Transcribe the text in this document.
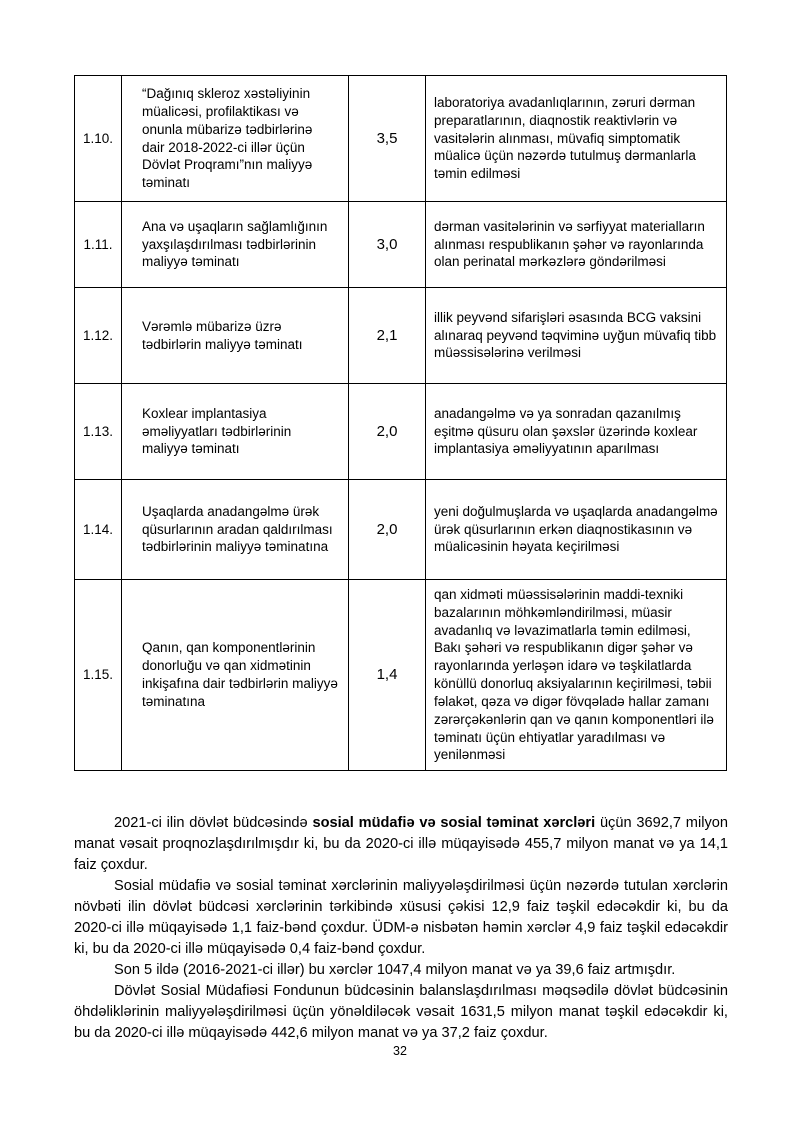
1.10.	“Dağınıq skleroz xəstəliyinin müalicəsi, profilaktikası və onunla mübarizə tədbirlərinə dair 2018-2022-ci illər üçün Dövlət Proqramı”nın maliyyə təminatı	3,5	laboratoriya avadanlıqlarının, zəruri dərman preparatlarının, diaqnostik reaktivlərin və vasitələrin alınması, müvafiq simptomatik müalicə üçün nəzərdə tutulmuş dərmanlarla təmin edilməsi
1.11.	Ana və uşaqların sağlamlığının yaxşılaşdırılması tədbirlərinin maliyyə təminatı	3,0	dərman vasitələrinin və sərfiyyat materialların alınması respublikanın şəhər və rayonlarında olan perinatal mərkəzlərə göndərilməsi
1.12.	Vərəmlə mübarizə üzrə tədbirlərin maliyyə təminatı	2,1	illik peyvənd sifarişləri əsasında BCG vaksini alınaraq peyvənd təqviminə uyğun müvafiq tibb müəssisələrinə verilməsi
1.13.	Koxlear implantasiya əməliyyatları tədbirlərinin maliyyə təminatı	2,0	anadangəlmə və ya sonradan qazanılmış eşitmə qüsuru olan şəxslər üzərində koxlear implantasiya əməliyyatının aparılması
1.14.	Uşaqlarda anadangəlmə ürək qüsurlarının aradan qaldırılması tədbirlərinin maliyyə təminatına	2,0	yeni doğulmuşlarda və uşaqlarda anadangəlmə ürək qüsurlarının erkən diaqnostikasının və müalicəsinin həyata keçirilməsi
1.15.	Qanın, qan komponentlərinin donorluğu və qan xidmətinin inkişafına dair tədbirlərin maliyyə təminatına	1,4	qan xidməti müəssisələrinin maddi-texniki bazalarının möhkəmləndirilməsi, müasir avadanlıq və ləvazimatlarla təmin edilməsi, Bakı şəhəri və respublikanın digər şəhər və rayonlarında yerləşən idarə və təşkilatlarda könüllü donorluq aksiyalarının keçirilməsi, təbii fəlakət, qəza və digər fövqəladə hallar zamanı zərərçəkənlərin qan və qanın komponentləri ilə təminatı üçün ehtiyatlar yaradılması və yenilənməsi

2021-ci ilin dövlət büdcəsində sosial müdafiə və sosial təminat xərcləri üçün 3692,7 milyon manat vəsait proqnozlaşdırılmışdır ki, bu da 2020-ci illə müqayisədə 455,7 milyon manat və ya 14,1 faiz çoxdur.

Sosial müdafiə və sosial təminat xərclərinin maliyyələşdirilməsi üçün nəzərdə tutulan xərclərin növbəti ilin dövlət büdcəsi xərclərinin tərkibində xüsusi çəkisi 12,9 faiz təşkil edəcəkdir ki, bu da 2020-ci illə müqayisədə 1,1 faiz-bənd çoxdur. ÜDM-ə nisbətən həmin xərclər 4,9 faiz təşkil edəcəkdir ki, bu da 2020-ci illə müqayisədə 0,4 faiz-bənd çoxdur.

Son 5 ildə (2016-2021-ci illər) bu xərclər 1047,4 milyon manat və ya 39,6 faiz artmışdır.

Dövlət Sosial Müdafiəsi Fondunun büdcəsinin balanslaşdırılması məqsədilə dövlət büdcəsinin öhdəliklərinin maliyyələşdirilməsi üçün yönəldiləcək vəsait 1631,5 milyon manat təşkil edəcəkdir ki, bu da 2020-ci illə müqayisədə 442,6 milyon manat və ya 37,2 faiz çoxdur.

32
